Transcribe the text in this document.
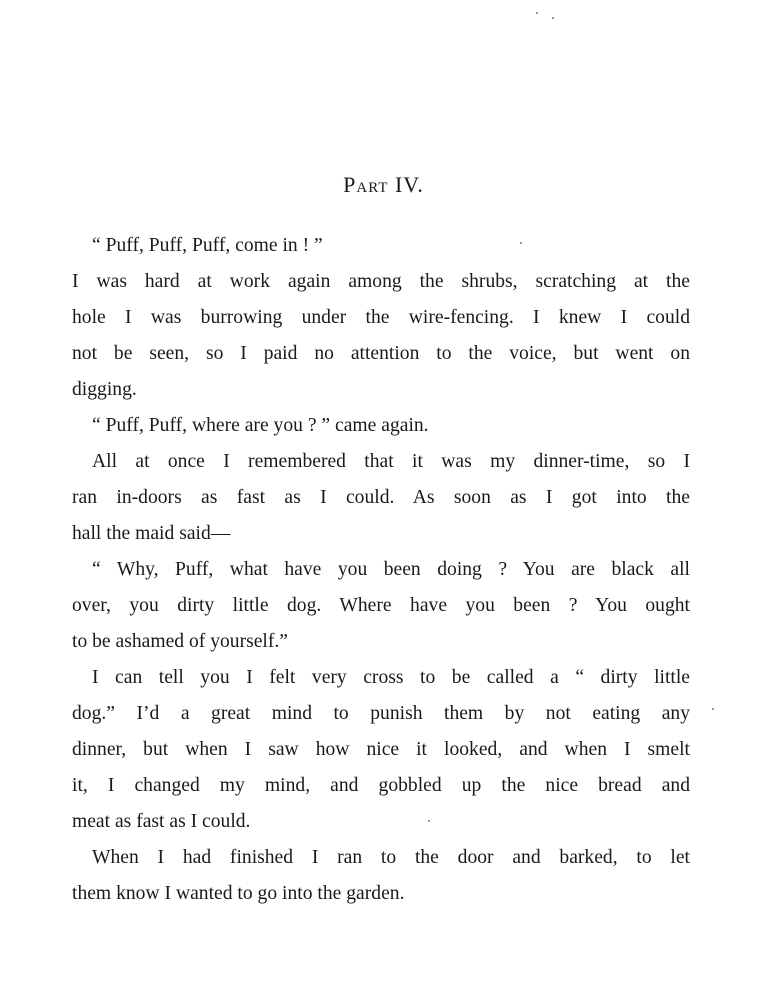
Part IV.
“ Puff, Puff, Puff, come in ! ”
I was hard at work again among the shrubs, scratching at the
hole I was burrowing under the wire-fencing. I knew I could
not be seen, so I paid no attention to the voice, but went on
digging.
“ Puff, Puff, where are you ? ” came again.
All at once I remembered that it was my dinner-time, so I
ran in-doors as fast as I could. As soon as I got into the
hall the maid said—
“ Why, Puff, what have you been doing ? You are black all
over, you dirty little dog. Where have you been ? You ought
to be ashamed of yourself.”
I can tell you I felt very cross to be called a “ dirty little
dog.” I’d a great mind to punish them by not eating any
dinner, but when I saw how nice it looked, and when I smelt
it, I changed my mind, and gobbled up the nice bread and
meat as fast as I could.
When I had finished I ran to the door and barked, to let
them know I wanted to go into the garden.
